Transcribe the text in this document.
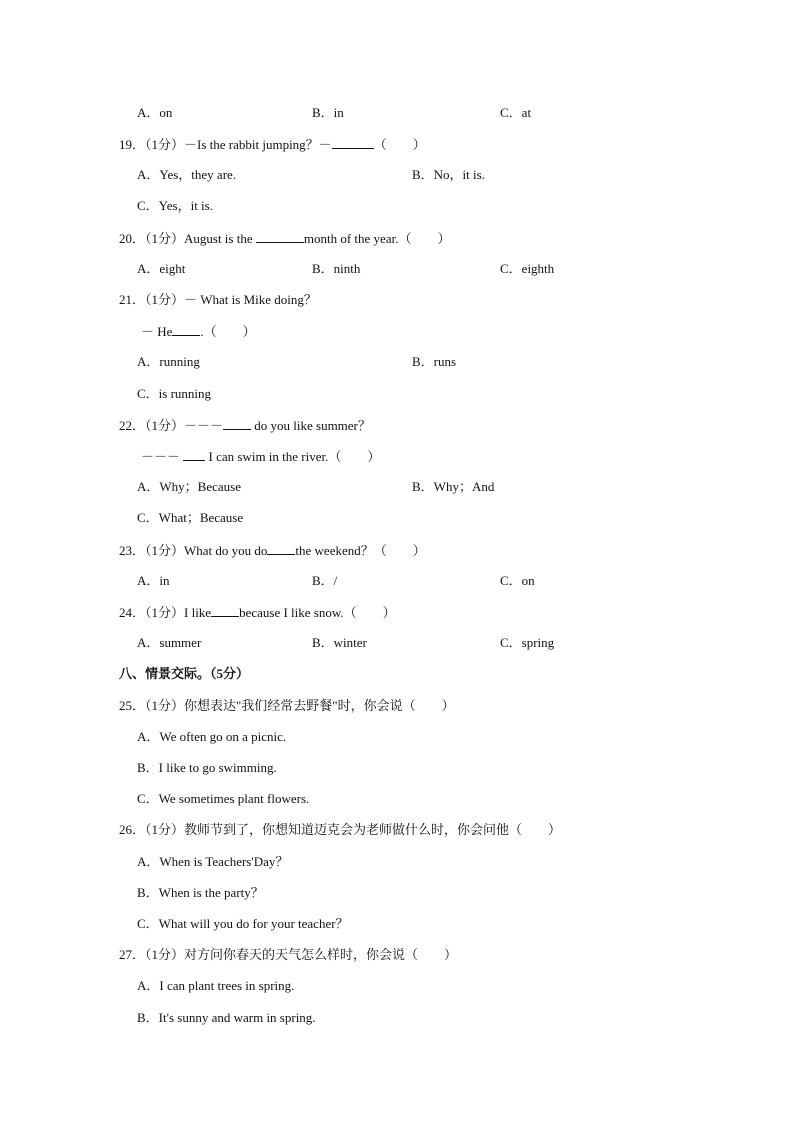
A．on	B．in	C．at
19．（1分）－Is the rabbit jumping？－	（　　）
A．Yes，they are.	B．No，it is.
C．Yes，it is.
20．（1分）August is the	month of the year.（　　）
A．eight	B．ninth	C．eighth
21．（1分）－ What is Mike doing？
－ He .（　　）
A．running	B．runs
C．is running
22．（1分）－－－ do you like summer？
－－－  I can swim in the river.（　　）
A．Why；Because	B．Why；And
C．What；Because
23．（1分）What do you do the weekend？（　　）
A．in	B．/	C．on
24．（1分）I like because I like snow.（　　）
A．summer	B．winter	C．spring
八、情景交际。（5分）
25．（1分）你想表达"我们经常去野餐"时，你会说（　　）
A．We often go on a picnic.
B．I like to go swimming.
C．We sometimes plant flowers.
26．（1分）教师节到了，你想知道迈克会为老师做什么时，你会问他（　　）
A．When is Teachers'Day？
B．When is the party？
C．What will you do for your teacher？
27．（1分）对方问你春天的天气怎么样时，你会说（　　）
A．I can plant trees in spring.
B．It's sunny and warm in spring.
